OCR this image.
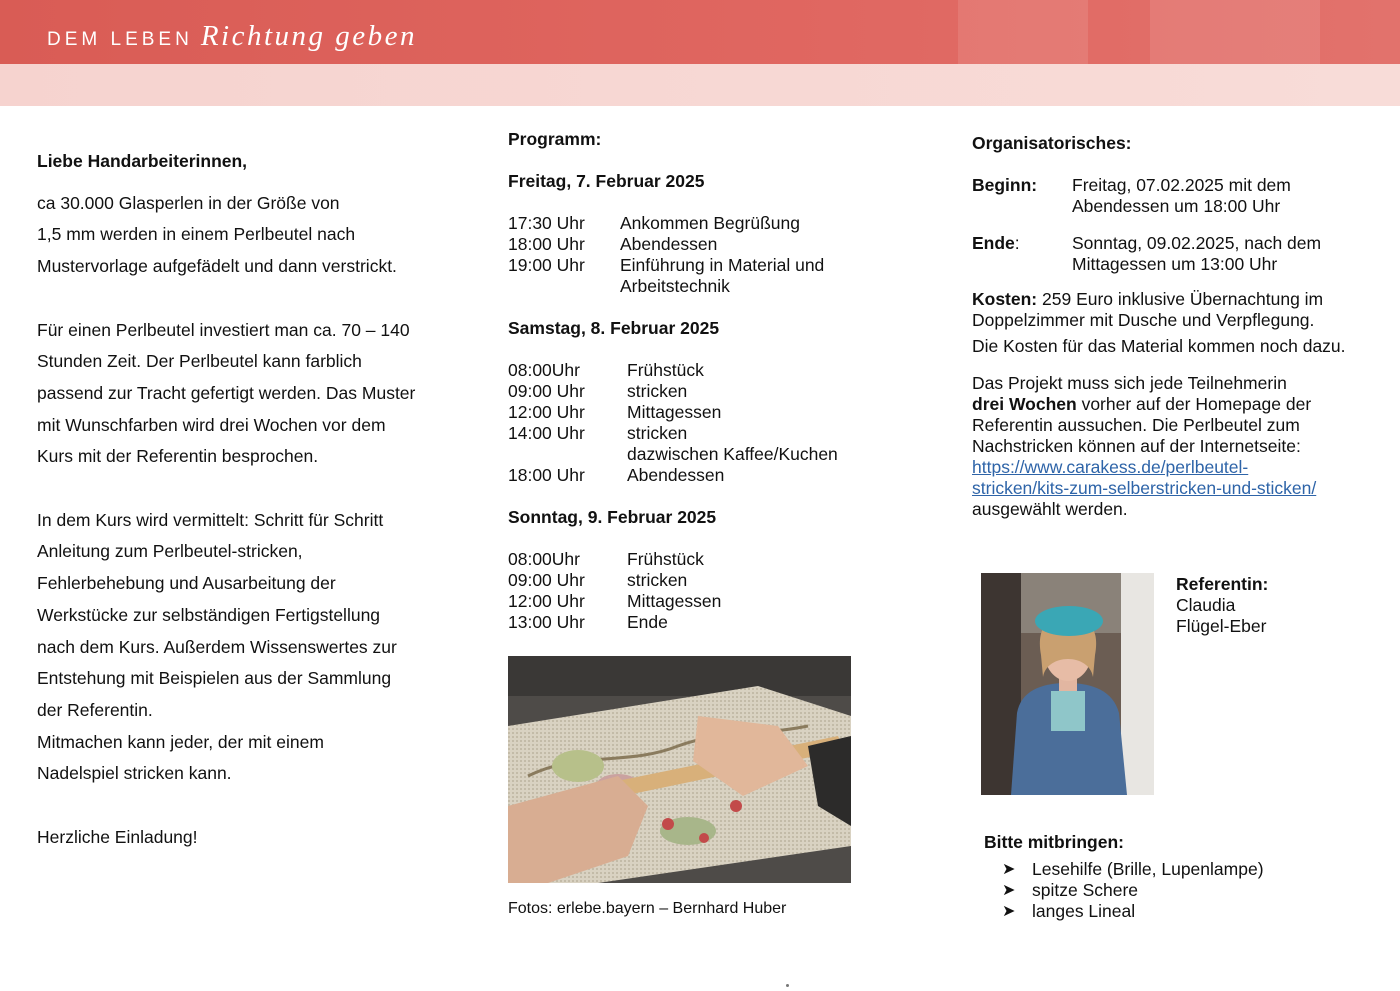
DEM LEBEN Richtung geben

Liebe Handarbeiterinnen,

ca 30.000 Glasperlen in der Größe von

1,5 mm werden in einem Perlbeutel nach

Mustervorlage aufgefädelt und dann verstrickt.

Für einen Perlbeutel investiert man ca. 70 – 140

Stunden Zeit. Der Perlbeutel kann farblich

passend zur Tracht gefertigt werden. Das Muster

mit Wunschfarben wird drei Wochen vor dem

Kurs mit der Referentin besprochen.

In dem Kurs wird vermittelt: Schritt für Schritt

Anleitung zum Perlbeutel-stricken,

Fehlerbehebung und Ausarbeitung der

Werkstücke zur selbständigen Fertigstellung

nach dem Kurs. Außerdem Wissenswertes zur

Entstehung mit Beispielen aus der Sammlung

der Referentin.

Mitmachen kann jeder, der mit einem

Nadelspiel stricken kann.

Herzliche Einladung!

Programm:
Freitag, 7. Februar 2025
17:30 Uhr	Ankommen Begrüßung
18:00 Uhr	Abendessen
19:00 Uhr	Einführung in Material und
Arbeitstechnik
Samstag, 8. Februar 2025
08:00Uhr	Frühstück
09:00 Uhr	stricken
12:00 Uhr	Mittagessen
14:00 Uhr	stricken
dazwischen Kaffee/Kuchen
18:00 Uhr	Abendessen
Sonntag, 9. Februar 2025
08:00Uhr	Frühstück
09:00 Uhr	stricken
12:00 Uhr	Mittagessen
13:00 Uhr	Ende
Fotos: erlebe.bayern – Bernhard Huber
Organisatorisches:
Beginn:	Freitag, 07.02.2025 mit dem
Abendessen um 18:00 Uhr
Ende:	Sonntag, 09.02.2025, nach dem
Mittagessen um 13:00 Uhr
Kosten: 259 Euro inklusive Übernachtung im Doppelzimmer mit Dusche und Verpflegung.
Die Kosten für das Material kommen noch dazu.
Das Projekt muss sich jede Teilnehmerin
drei Wochen vorher auf der Homepage der Referentin aussuchen. Die Perlbeutel zum Nachstricken können auf der Internetseite:
https://www.carakess.de/perlbeutel-
stricken/kits-zum-selberstricken-und-sticken/
ausgewählt werden.
Referentin:
Claudia
Flügel-Eber
Bitte mitbringen:
➤ Lesehilfe (Brille, Lupenlampe)
➤ spitze Schere
➤ langes Lineal
